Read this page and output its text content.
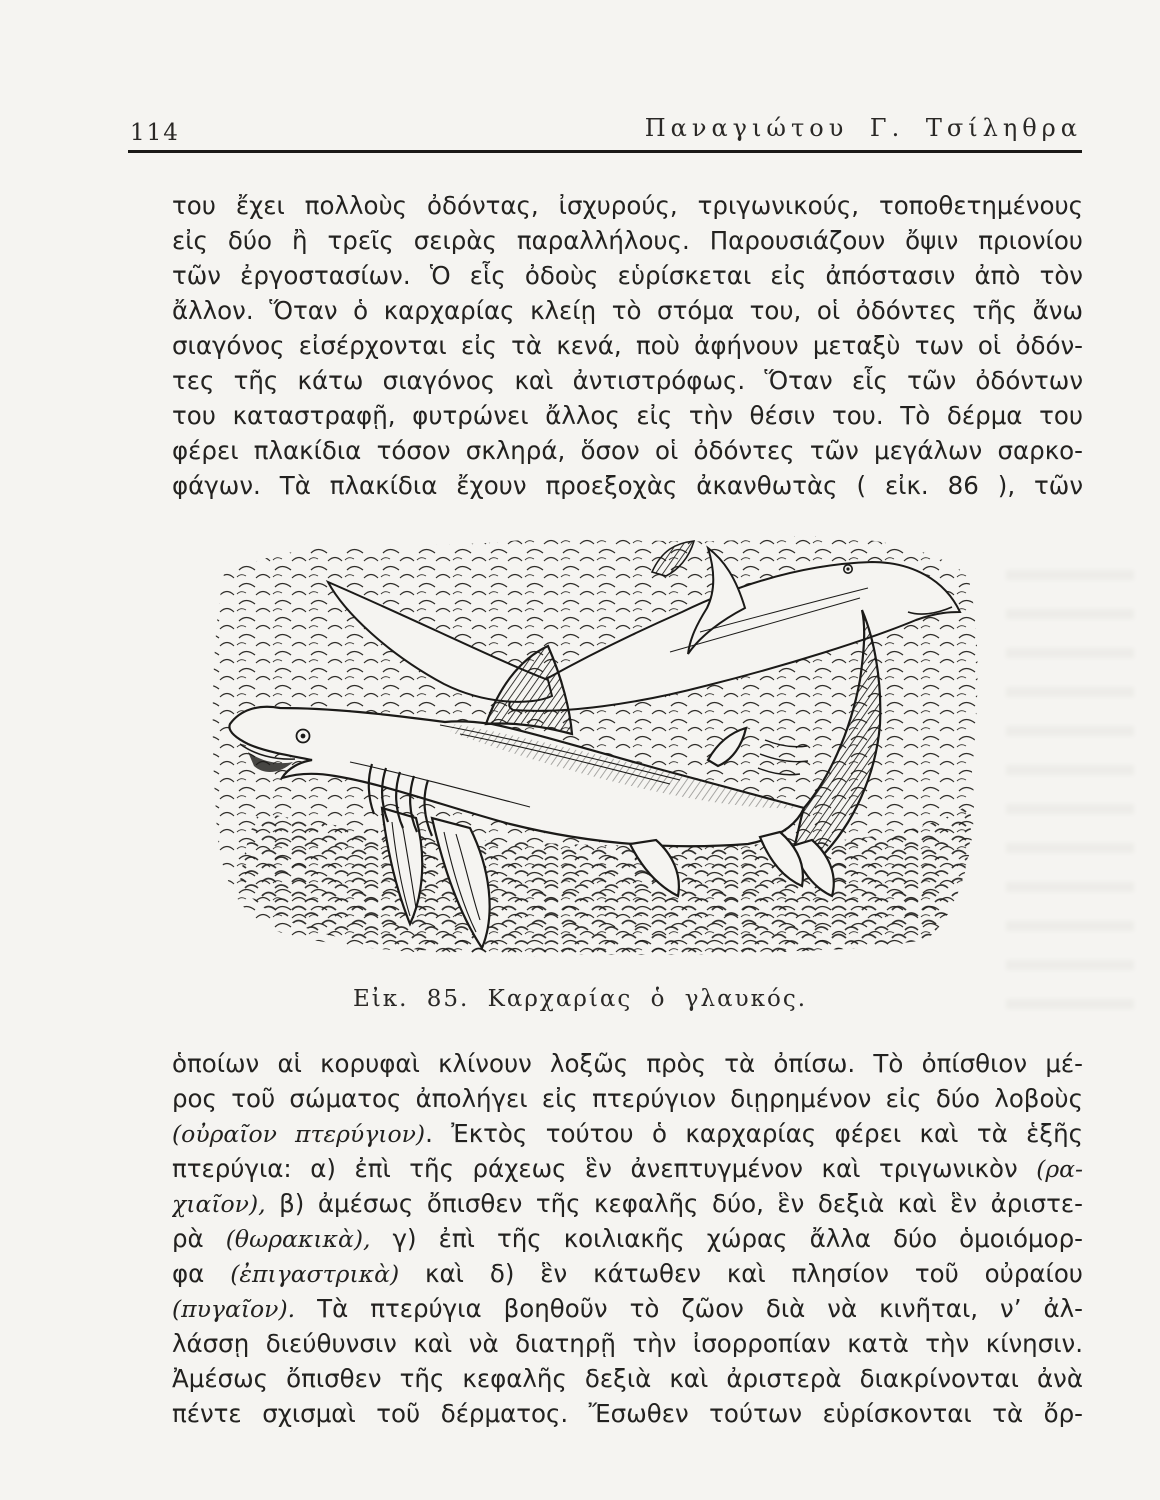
114	Παναγιώτου Γ. Τσίληθρα
του ἔχει πολλοὺς ὀδόντας, ἰσχυρούς, τριγωνικούς, τοποθετημένους
εἰς δύο ἢ τρεῖς σειρὰς παραλλήλους. Παρουσιάζουν ὄψιν πριονίου
τῶν ἐργοστασίων. Ὁ εἷς ὀδοὺς εὑρίσκεται εἰς ἀπόστασιν ἀπὸ τὸν
ἄλλον. Ὅταν ὁ καρχαρίας κλείῃ τὸ στόμα του, οἱ ὀδόντες τῆς ἄνω
σιαγόνος εἰσέρχονται εἰς τὰ κενά, ποὺ ἀφήνουν μεταξὺ των οἱ ὀδόν-
τες τῆς κάτω σιαγόνος καὶ ἀντιστρόφως. Ὅταν εἷς τῶν ὀδόντων
του καταστραφῇ, φυτρώνει ἄλλος εἰς τὴν θέσιν του. Τὸ δέρμα του
φέρει πλακίδια τόσον σκληρά, ὅσον οἱ ὀδόντες τῶν μεγάλων σαρκο-
φάγων. Τὰ πλακίδια ἔχουν προεξοχὰς ἀκανθωτὰς ( εἰκ. 86 ), τῶν
Εἰκ. 85. Καρχαρίας ὁ γλαυκός.
ὁποίων αἱ κορυφαὶ κλίνουν λοξῶς πρὸς τὰ ὀπίσω. Τὸ ὀπίσθιον μέ-
ρος τοῦ σώματος ἀπολήγει εἰς πτερύγιον διῃρημένον εἰς δύο λοβοὺς
(οὐραῖον πτερύγιον). Ἐκτὸς τούτου ὁ καρχαρίας φέρει καὶ τὰ ἑξῆς
πτερύγια: α) ἐπὶ τῆς ράχεως ἓν ἀνεπτυγμένον καὶ τριγωνικὸν (ρα-
χιαῖον), β) ἀμέσως ὄπισθεν τῆς κεφαλῆς δύο, ἓν δεξιὰ καὶ ἓν ἀριστε-
ρὰ (θωρακικὰ), γ) ἐπὶ τῆς κοιλιακῆς χώρας ἄλλα δύο ὁμοιόμορ-
φα (ἐπιγαστρικὰ) καὶ δ) ἓν κάτωθεν καὶ πλησίον τοῦ οὐραίου
(πυγαῖον). Τὰ πτερύγια βοηθοῦν τὸ ζῶον διὰ νὰ κινῆται, ν’ ἀλ-
λάσσῃ διεύθυνσιν καὶ νὰ διατηρῇ τὴν ἰσορροπίαν κατὰ τὴν κίνησιν.
Ἀμέσως ὄπισθεν τῆς κεφαλῆς δεξιὰ καὶ ἀριστερὰ διακρίνονται ἀνὰ
πέντε σχισμαὶ τοῦ δέρματος. Ἔσωθεν τούτων εὑρίσκονται τὰ ὄρ-
